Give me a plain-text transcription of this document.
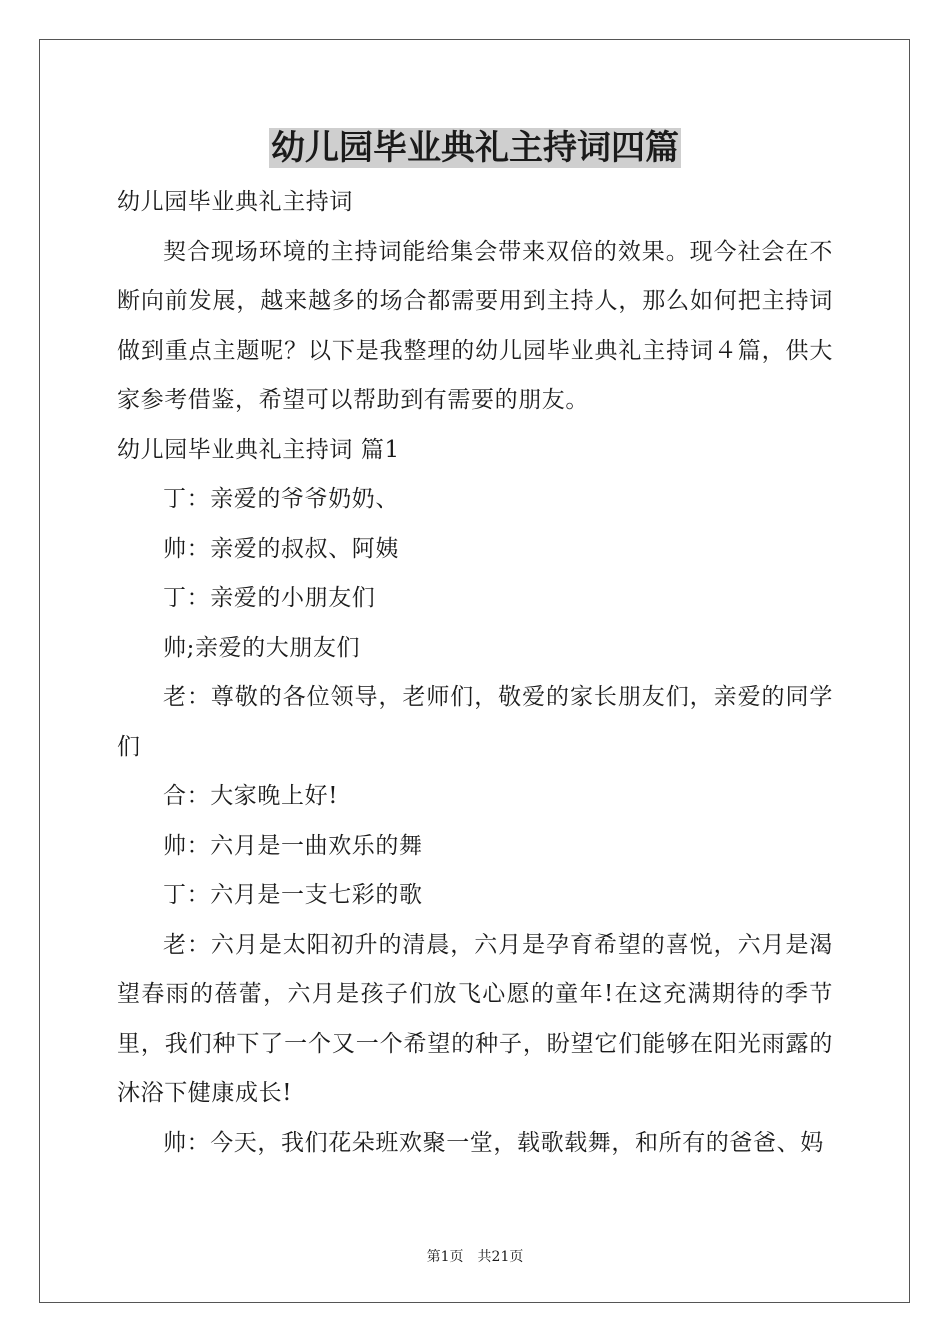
幼儿园毕业典礼主持词四篇

幼儿园毕业典礼主持词

契合现场环境的主持词能给集会带来双倍的效果。现今社会在不断向前发展，越来越多的场合都需要用到主持人，那么如何把主持词做到重点主题呢？以下是我整理的幼儿园毕业典礼主持词４篇，供大家参考借鉴，希望可以帮助到有需要的朋友。

幼儿园毕业典礼主持词 篇1

丁：亲爱的爷爷奶奶、

帅：亲爱的叔叔、阿姨

丁：亲爱的小朋友们

帅;亲爱的大朋友们

老：尊敬的各位领导，老师们，敬爱的家长朋友们，亲爱的同学们

合：大家晚上好!

帅：六月是一曲欢乐的舞

丁：六月是一支七彩的歌

老：六月是太阳初升的清晨，六月是孕育希望的喜悦，六月是渴望春雨的蓓蕾，六月是孩子们放飞心愿的童年!在这充满期待的季节里，我们种下了一个又一个希望的种子，盼望它们能够在阳光雨露的沐浴下健康成长!

帅：今天，我们花朵班欢聚一堂，载歌载舞，和所有的爸爸、妈

第1页 共21页
